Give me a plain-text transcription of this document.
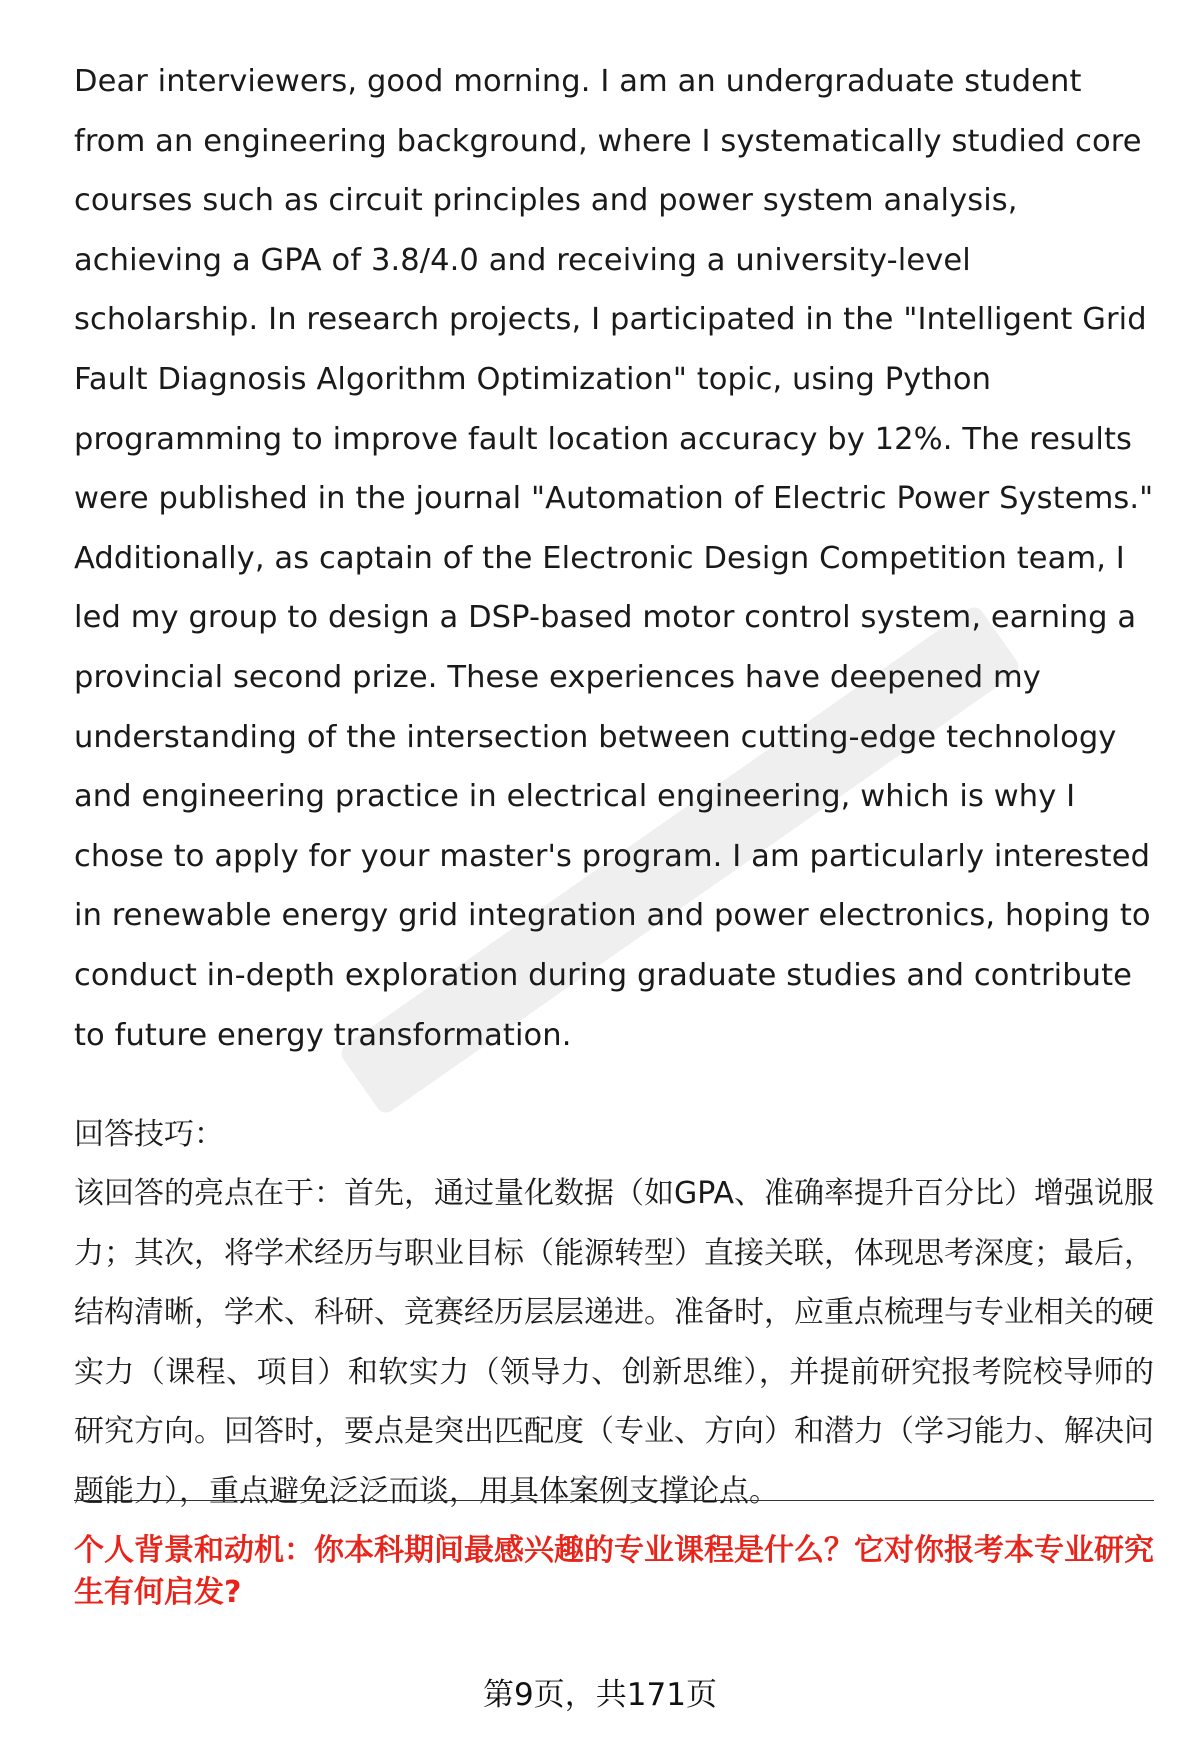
Dear interviewers, good morning. I am an undergraduate student from an engineering background, where I systematically studied core courses such as circuit principles and power system analysis, achieving a GPA of 3.8/4.0 and receiving a university-level scholarship. In research projects, I participated in the "Intelligent Grid Fault Diagnosis Algorithm Optimization" topic, using Python programming to improve fault location accuracy by 12%. The results were published in the journal "Automation of Electric Power Systems." Additionally, as captain of the Electronic Design Competition team, I led my group to design a DSP-based motor control system, earning a provincial second prize. These experiences have deepened my understanding of the intersection between cutting-edge technology and engineering practice in electrical engineering, which is why I chose to apply for your master's program. I am particularly interested in renewable energy grid integration and power electronics, hoping to conduct in-depth exploration during graduate studies and contribute to future energy transformation.

回答技巧：

该回答的亮点在于：首先，通过量化数据（如GPA、准确率提升百分比）增强说服力；其次，将学术经历与职业目标（能源转型）直接关联，体现思考深度；最后，结构清晰，学术、科研、竞赛经历层层递进。准备时，应重点梳理与专业相关的硬实力（课程、项目）和软实力（领导力、创新思维），并提前研究报考院校导师的研究方向。回答时，要点是突出匹配度（专业、方向）和潜力（学习能力、解决问题能力），重点避免泛泛而谈，用具体案例支撑论点。

个人背景和动机：你本科期间最感兴趣的专业课程是什么？它对你报考本专业研究生有何启发?

第9页，共171页
